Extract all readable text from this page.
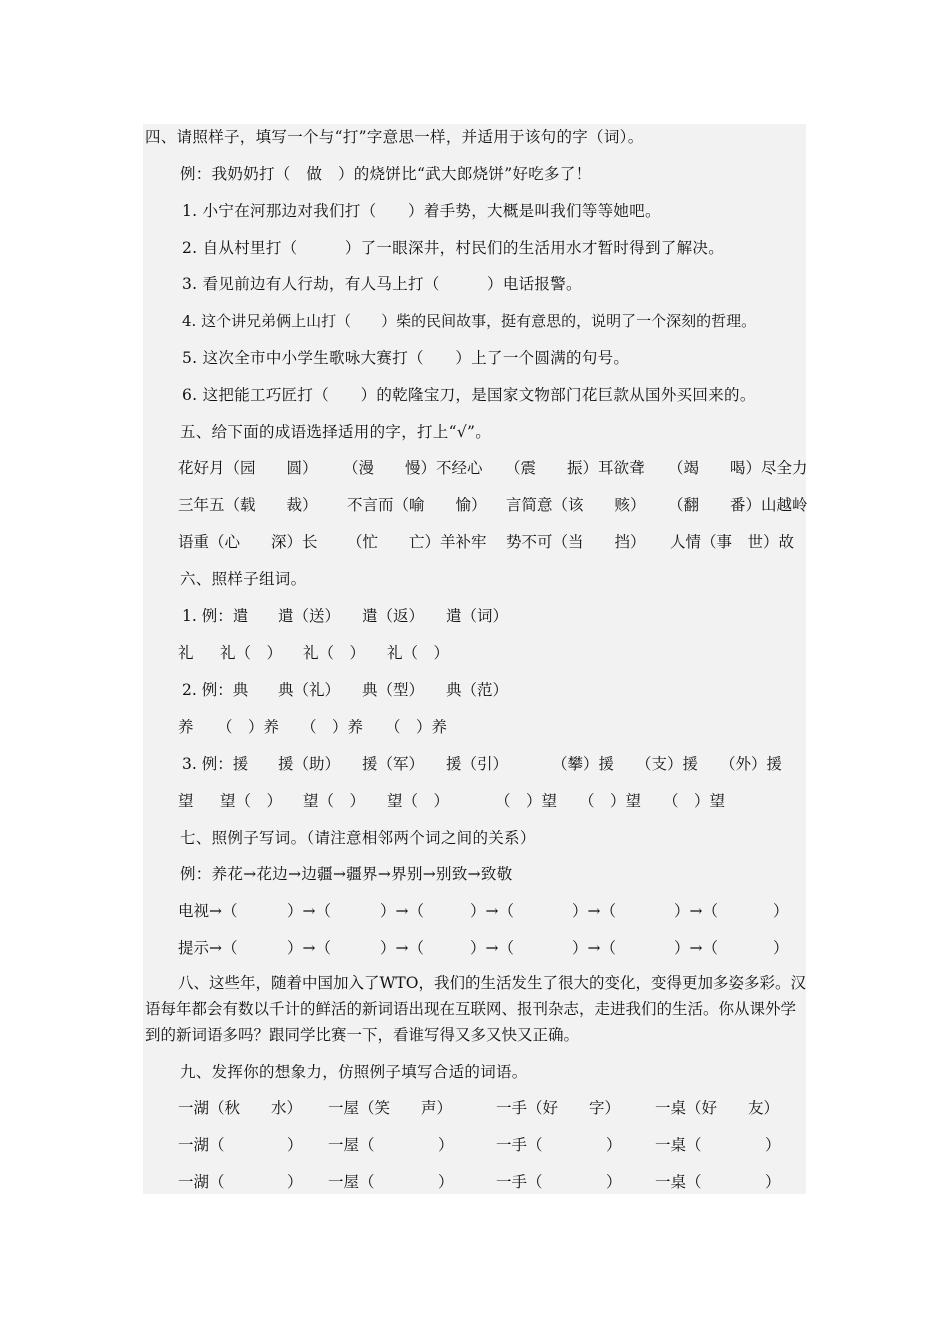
四、请照样子，填写一个与“打”字意思一样，并适用于该句的字（词）。
例：我奶奶打（　做　）的烧饼比“武大郎烧饼”好吃多了！
1. 小宁在河那边对我们打（　　）着手势，大概是叫我们等等她吧。
2. 自从村里打（　　　）了一眼深井，村民们的生活用水才暂时得到了解决。
3. 看见前边有人行劫，有人马上打（　　　）电话报警。
4. 这个讲兄弟俩上山打（　　）柴的民间故事，挺有意思的，说明了一个深刻的哲理。
5. 这次全市中小学生歌咏大赛打（　　）上了一个圆满的句号。
6. 这把能工巧匠打（　　）的乾隆宝刀，是国家文物部门花巨款从国外买回来的。
五、给下面的成语选择适用的字，打上“√”。
花好月（园　　圆） （漫　　慢）不经心 （震　　振）耳欲聋 （竭　　喝）尽全力
三年五（载　　裁） 不言而（喻　　愉） 言简意（该　　赅） （翻　　番）山越岭
语重（心　　深）长 （忙　　亡）羊补牢 势不可（当　　挡） 人情（事　世）故
六、照样子组词。
1. 例：遣 遣（送） 遣（返） 遣（词）
礼 礼（　） 礼（　） 礼（　）
2. 例：典 典（礼） 典（型） 典（范）
养 （　）养 （　）养 （　）养
3. 例：援 援（助） 援（军） 援（引）	（攀）援 （支）援 （外）援
望 望（　） 望（　） 望（　）	（　）望 （　）望 （　）望
七、照例子写词。（请注意相邻两个词之间的关系）
例：养花→花边→边疆→疆界→界别→别致→致敬
电视→（	）→（	）→（	）→（	）→（	）→（	）
提示→（	）→（	）→（	）→（	）→（	）→（	）
八、这些年，随着中国加入了WTO，我们的生活发生了很大的变化，变得更加多姿多彩。汉语每年都会有数以千计的鲜活的新词语出现在互联网、报刊杂志，走进我们的生活。你从课外学到的新词语多吗？跟同学比赛一下，看谁写得又多又快又正确。
九、发挥你的想象力，仿照例子填写合适的词语。
一湖（秋　　水） 一屋（笑　　声）	一手（好　　字） 一桌（好　　友）
一湖（	） 一屋（	）	一手（	） 一桌（	）
一湖（	） 一屋（	）	一手（	） 一桌（	）
